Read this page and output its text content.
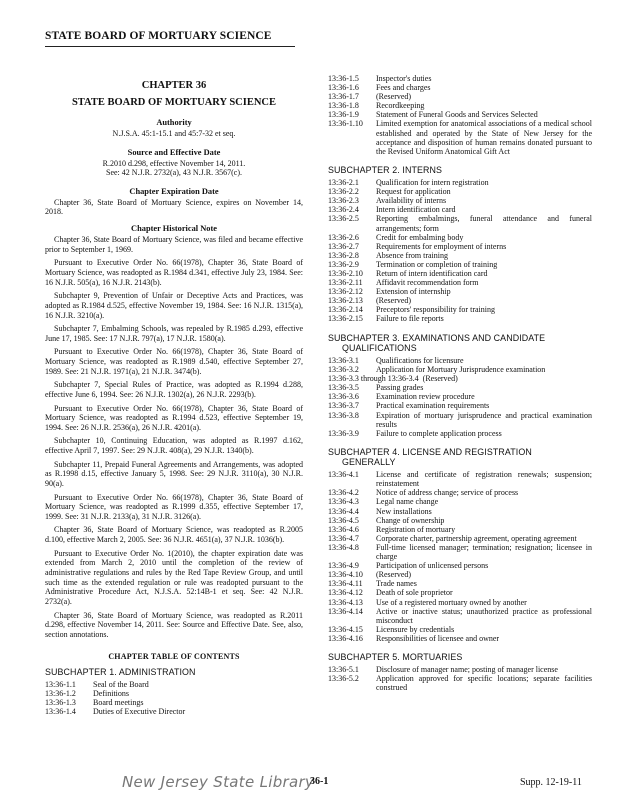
STATE BOARD OF MORTUARY SCIENCE
CHAPTER 36
STATE BOARD OF MORTUARY SCIENCE
Authority

N.J.S.A. 45:1-15.1 and 45:7-32 et seq.

Source and Effective Date

R.2010 d.298, effective November 14, 2011.
See: 42 N.J.R. 2732(a), 43 N.J.R. 3567(c).

Chapter Expiration Date

Chapter 36, State Board of Mortuary Science, expires on November 14, 2018.

Chapter Historical Note

Chapter 36, State Board of Mortuary Science, was filed and became effective prior to September 1, 1969.

Pursuant to Executive Order No. 66(1978), Chapter 36, State Board of Mortuary Science, was readopted as R.1984 d.341, effective July 23, 1984. See: 16 N.J.R. 505(a), 16 N.J.R. 2143(b).

Subchapter 9, Prevention of Unfair or Deceptive Acts and Practices, was adopted as R.1984 d.525, effective November 19, 1984. See: 16 N.J.R. 1315(a), 16 N.J.R. 3210(a).

Subchapter 7, Embalming Schools, was repealed by R.1985 d.293, effective June 17, 1985. See: 17 N.J.R. 797(a), 17 N.J.R. 1580(a).

Pursuant to Executive Order No. 66(1978), Chapter 36, State Board of Mortuary Science, was readopted as R.1989 d.540, effective September 27, 1989. See: 21 N.J.R. 1971(a), 21 N.J.R. 3474(b).

Subchapter 7, Special Rules of Practice, was adopted as R.1994 d.288, effective June 6, 1994. See: 26 N.J.R. 1302(a), 26 N.J.R. 2293(b).

Pursuant to Executive Order No. 66(1978), Chapter 36, State Board of Mortuary Science, was readopted as R.1994 d.523, effective September 19, 1994. See: 26 N.J.R. 2536(a), 26 N.J.R. 4201(a).

Subchapter 10, Continuing Education, was adopted as R.1997 d.162, effective April 7, 1997. See: 29 N.J.R. 408(a), 29 N.J.R. 1340(b).

Subchapter 11, Prepaid Funeral Agreements and Arrangements, was adopted as R.1998 d.15, effective January 5, 1998. See: 29 N.J.R. 3110(a), 30 N.J.R. 90(a).

Pursuant to Executive Order No. 66(1978), Chapter 36, State Board of Mortuary Science, was readopted as R.1999 d.355, effective September 17, 1999. See: 31 N.J.R. 2133(a), 31 N.J.R. 3126(a).

Chapter 36, State Board of Mortuary Science, was readopted as R.2005 d.100, effective March 2, 2005. See: 36 N.J.R. 4651(a), 37 N.J.R. 1036(b).

Pursuant to Executive Order No. 1(2010), the chapter expiration date was extended from March 2, 2010 until the completion of the review of administrative regulations and rules by the Red Tape Review Group, and until such time as the extended regulation or rule was readopted pursuant to the Administrative Procedure Act, N.J.S.A. 52:14B-1 et seq. See: 42 N.J.R. 2732(a).

Chapter 36, State Board of Mortuary Science, was readopted as R.2011 d.298, effective November 14, 2011. See: Source and Effective Date. See, also, section annotations.

CHAPTER TABLE OF CONTENTS
SUBCHAPTER 1. ADMINISTRATION
13:36-1.1	Seal of the Board
13:36-1.2	Definitions
13:36-1.3	Board meetings
13:36-1.4	Duties of Executive Director
13:36-1.5	Inspector's duties
13:36-1.6	Fees and charges
13:36-1.7	(Reserved)
13:36-1.8	Recordkeeping
13:36-1.9	Statement of Funeral Goods and Services Selected
13:36-1.10	Limited exemption for anatomical associations of a medical school established and operated by the State of New Jersey for the acceptance and disposition of human remains donated pursuant to the Revised Uniform Anatomical Gift Act
SUBCHAPTER 2. INTERNS
13:36-2.1	Qualification for intern registration
13:36-2.2	Request for application
13:36-2.3	Availability of interns
13:36-2.4	Intern identification card
13:36-2.5	Reporting embalmings, funeral attendance and funeral arrangements; form
13:36-2.6	Credit for embalming body
13:36-2.7	Requirements for employment of interns
13:36-2.8	Absence from training
13:36-2.9	Termination or completion of training
13:36-2.10	Return of intern identification card
13:36-2.11	Affidavit recommendation form
13:36-2.12	Extension of internship
13:36-2.13	(Reserved)
13:36-2.14	Preceptors' responsibility for training
13:36-2.15	Failure to file reports
SUBCHAPTER 3. EXAMINATIONS AND CANDIDATE
QUALIFICATIONS
13:36-3.1	Qualifications for licensure
13:36-3.2	Application for Mortuary Jurisprudence examination
13:36-3.3 through 13:36-3.4 (Reserved)
13:36-3.5	Passing grades
13:36-3.6	Examination review procedure
13:36-3.7	Practical examination requirements
13:36-3.8	Expiration of mortuary jurisprudence and practical examination results
13:36-3.9	Failure to complete application process
SUBCHAPTER 4. LICENSE AND REGISTRATION
GENERALLY
13:36-4.1	License and certificate of registration renewals; suspension; reinstatement
13:36-4.2	Notice of address change; service of process
13:36-4.3	Legal name change
13:36-4.4	New installations
13:36-4.5	Change of ownership
13:36-4.6	Registration of mortuary
13:36-4.7	Corporate charter, partnership agreement, operating agreement
13:36-4.8	Full-time licensed manager; termination; resignation; licensee in charge
13:36-4.9	Participation of unlicensed persons
13:36-4.10	(Reserved)
13:36-4.11	Trade names
13:36-4.12	Death of sole proprietor
13:36-4.13	Use of a registered mortuary owned by another
13:36-4.14	Active or inactive status; unauthorized practice as professional misconduct
13:36-4.15	Licensure by credentials
13:36-4.16	Responsibilities of licensee and owner
SUBCHAPTER 5. MORTUARIES
13:36-5.1	Disclosure of manager name; posting of manager license
13:36-5.2	Application approved for specific locations; separate facilities construed
New Jersey State Library
36-1	Supp. 12-19-11
